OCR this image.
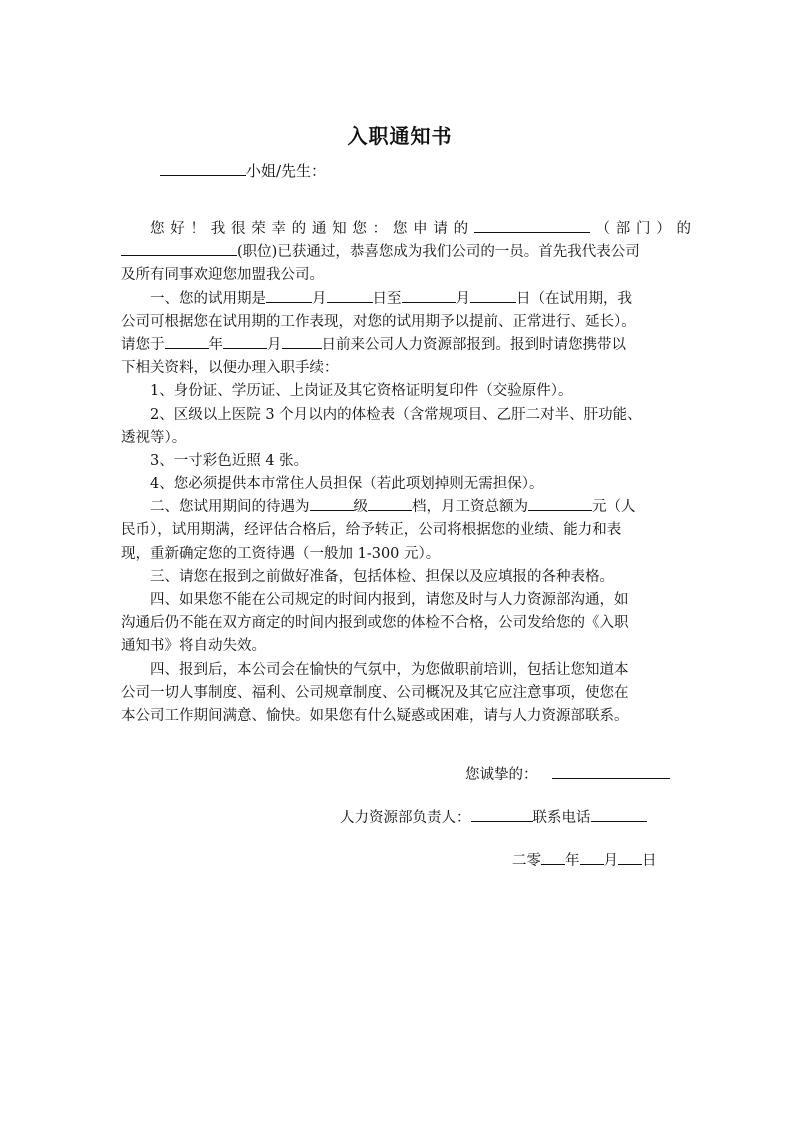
入职通知书
小姐/先生：
您好！我很荣幸的通知您：您申请的	（部门）的
(职位)已获通过，恭喜您成为我们公司的一员。首先我代表公司
及所有同事欢迎您加盟我公司。
一、您的试用期是	月	日至	月	日（在试用期，我
公司可根据您在试用期的工作表现，对您的试用期予以提前、正常进行、延长）。
请您于	年	月	日前来公司人力资源部报到。报到时请您携带以
下相关资料，以便办理入职手续：
1、身份证、学历证、上岗证及其它资格证明复印件（交验原件）。
2、区级以上医院 3 个月以内的体检表（含常规项目、乙肝二对半、肝功能、
透视等）。
3、一寸彩色近照 4 张。
4、您必须提供本市常住人员担保（若此项划掉则无需担保）。
二、您试用期间的待遇为	级	档，月工资总额为	元（人
民币），试用期满，经评估合格后，给予转正，公司将根据您的业绩、能力和表
现，重新确定您的工资待遇（一般加 1-300 元）。
三、请您在报到之前做好准备，包括体检、担保以及应填报的各种表格。
四、如果您不能在公司规定的时间内报到，请您及时与人力资源部沟通，如
沟通后仍不能在双方商定的时间内报到或您的体检不合格，公司发给您的《入职
通知书》将自动失效。
四、报到后，本公司会在愉快的气氛中，为您做职前培训，包括让您知道本
公司一切人事制度、福利、公司规章制度、公司概况及其它应注意事项，使您在
本公司工作期间满意、愉快。如果您有什么疑惑或困难，请与人力资源部联系。
您诚挚的：
人力资源部负责人：	联系电话
二零 年 月 日
